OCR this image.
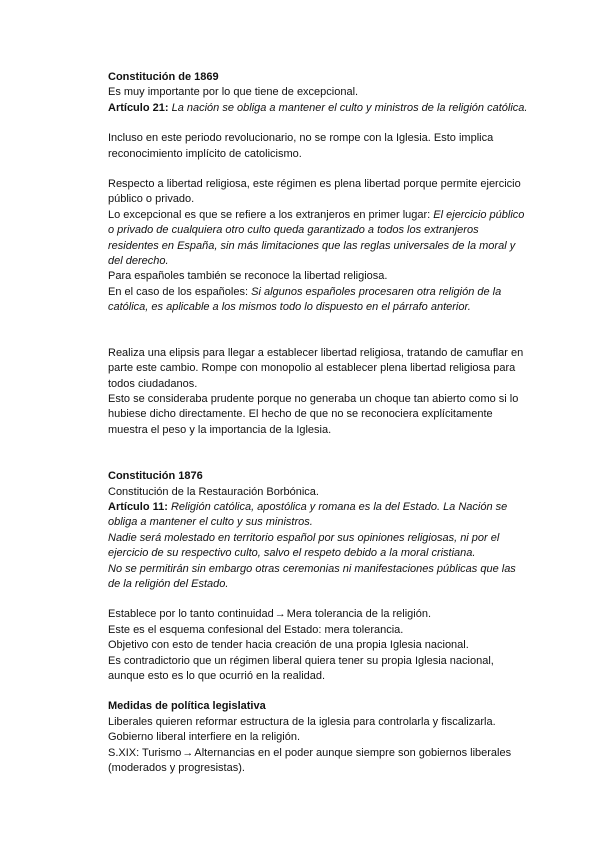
Constitución de 1869

Es muy importante por lo que tiene de excepcional.

Artículo 21: La nación se obliga a mantener el culto y ministros de la religión católica.

Incluso en este periodo revolucionario, no se rompe con la Iglesia. Esto implica reconocimiento implícito de catolicismo.

Respecto a libertad religiosa, este régimen es plena libertad porque permite ejercicio público o privado.

Lo excepcional es que se refiere a los extranjeros en primer lugar: El ejercicio público o privado de cualquiera otro culto queda garantizado a todos los extranjeros residentes en España, sin más limitaciones que las reglas universales de la moral y del derecho.

Para españoles también se reconoce la libertad religiosa.

En el caso de los españoles: Si algunos españoles procesaren otra religión de la católica, es aplicable a los mismos todo lo dispuesto en el párrafo anterior.

Realiza una elipsis para llegar a establecer libertad religiosa, tratando de camuflar en parte este cambio. Rompe con monopolio al establecer plena libertad religiosa para todos ciudadanos.

Esto se consideraba prudente porque no generaba un choque tan abierto como si lo hubiese dicho directamente. El hecho de que no se reconociera explícitamente muestra el peso y la importancia de la Iglesia.

Constitución 1876

Constitución de la Restauración Borbónica.

Artículo 11: Religión católica, apostólica y romana es la del Estado. La Nación se obliga a mantener el culto y sus ministros.

Nadie será molestado en territorio español por sus opiniones religiosas, ni por el ejercicio de su respectivo culto, salvo el respeto debido a la moral cristiana.

No se permitirán sin embargo otras ceremonias ni manifestaciones públicas que las de la religión del Estado.

Establece por lo tanto continuidad→Mera tolerancia de la religión.

Este es el esquema confesional del Estado: mera tolerancia.

Objetivo con esto de tender hacia creación de una propia Iglesia nacional.

Es contradictorio que un régimen liberal quiera tener su propia Iglesia nacional, aunque esto es lo que ocurrió en la realidad.

Medidas de política legislativa

Liberales quieren reformar estructura de la iglesia para controlarla y fiscalizarla.

Gobierno liberal interfiere en la religión.

S.XIX: Turismo→Alternancias en el poder aunque siempre son gobiernos liberales (moderados y progresistas).
